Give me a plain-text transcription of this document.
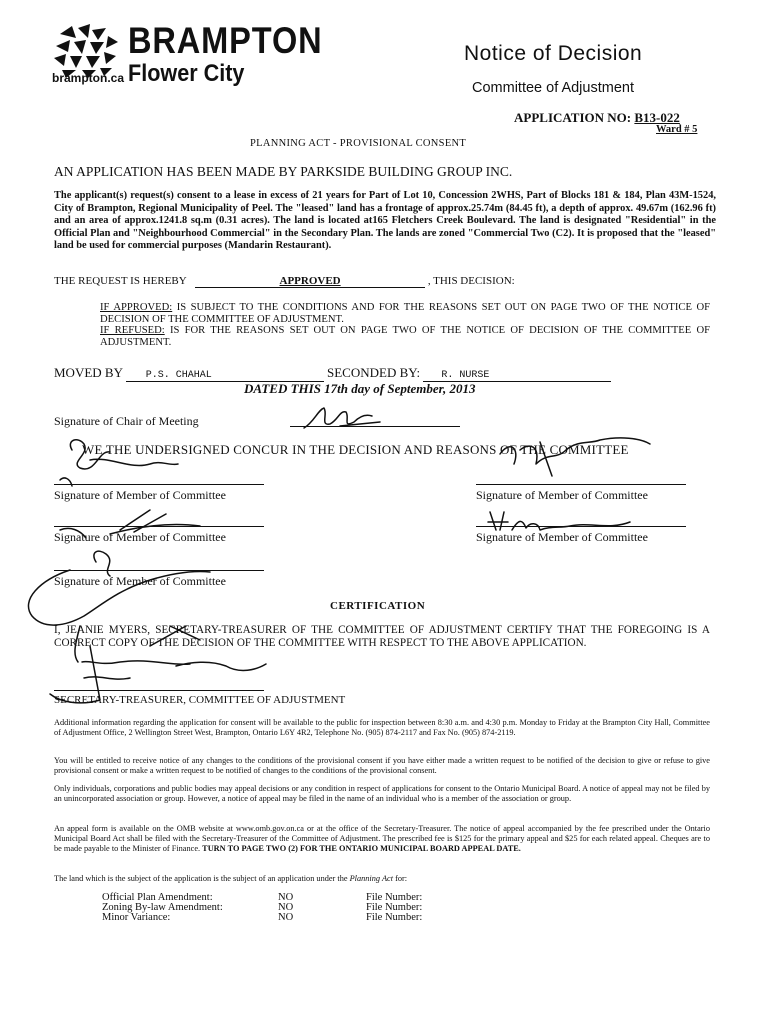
BRAMPTON
Flower City
brampton.ca
Notice of Decision
Committee of Adjustment
APPLICATION NO: B13-022
Ward # 5
PLANNING ACT - PROVISIONAL CONSENT
AN APPLICATION HAS BEEN MADE BY PARKSIDE BUILDING GROUP INC.
The applicant(s) request(s) consent to a lease in excess of 21 years for Part of Lot 10, Concession 2WHS, Part of Blocks 181 & 184, Plan 43M-1524, City of Brampton, Regional Municipality of Peel. The "leased" land has a frontage of approx.25.74m (84.45 ft), a depth of approx. 49.67m (162.96 ft) and an area of approx.1241.8 sq.m (0.31 acres). The land is located at165 Fletchers Creek Boulevard. The land is designated "Residential" in the Official Plan and "Neighbourhood Commercial" in the Secondary Plan. The lands are zoned "Commercial Two (C2). It is proposed that the "leased" land be used for commercial purposes (Mandarin Restaurant).
THE REQUEST IS HEREBY	APPROVED	, THIS DECISION:
IF APPROVED: IS SUBJECT TO THE CONDITIONS AND FOR THE REASONS SET OUT ON PAGE TWO OF THE NOTICE OF DECISION OF THE COMMITTEE OF ADJUSTMENT.
IF REFUSED: IS FOR THE REASONS SET OUT ON PAGE TWO OF THE NOTICE OF DECISION OF THE COMMITTEE OF ADJUSTMENT.
MOVED BY P.S. CHAHAL	SECONDED BY: R. NURSE
DATED THIS 17th day of September, 2013
Signature of Chair of Meeting
WE THE UNDERSIGNED CONCUR IN THE DECISION AND REASONS OF THE COMMITTEE
Signature of Member of Committee	Signature of Member of Committee
Signature of Member of Committee	Signature of Member of Committee
Signature of Member of Committee
CERTIFICATION
I, JEANIE MYERS, SECRETARY-TREASURER OF THE COMMITTEE OF ADJUSTMENT CERTIFY THAT THE FOREGOING IS A CORRECT COPY OF THE DECISION OF THE COMMITTEE WITH RESPECT TO THE ABOVE APPLICATION.
SECRETARY-TREASURER, COMMITTEE OF ADJUSTMENT
Additional information regarding the application for consent will be available to the public for inspection between 8:30 a.m. and 4:30 p.m. Monday to Friday at the Brampton City Hall, Committee of Adjustment Office, 2 Wellington Street West, Brampton, Ontario L6Y 4R2, Telephone No. (905) 874-2117 and Fax No. (905) 874-2119.
You will be entitled to receive notice of any changes to the conditions of the provisional consent if you have either made a written request to be notified of the decision to give or refuse to give provisional consent or make a written request to be notified of changes to the conditions of the provisional consent.
Only individuals, corporations and public bodies may appeal decisions or any condition in respect of applications for consent to the Ontario Municipal Board. A notice of appeal may not be filed by an unincorporated association or group. However, a notice of appeal may be filed in the name of an individual who is a member of the association or group.
An appeal form is available on the OMB website at www.omb.gov.on.ca or at the office of the Secretary-Treasurer. The notice of appeal accompanied by the fee prescribed under the Ontario Municipal Board Act shall be filed with the Secretary-Treasurer of the Committee of Adjustment. The prescribed fee is $125 for the primary appeal and $25 for each related appeal. Cheques are to be made payable to the Minister of Finance. TURN TO PAGE TWO (2) FOR THE ONTARIO MUNICIPAL BOARD APPEAL DATE.
The land which is the subject of the application is the subject of an application under the Planning Act for:
Official Plan Amendment:	NO	File Number:
Zoning By-law Amendment:	NO	File Number:
Minor Variance:	NO	File Number:
